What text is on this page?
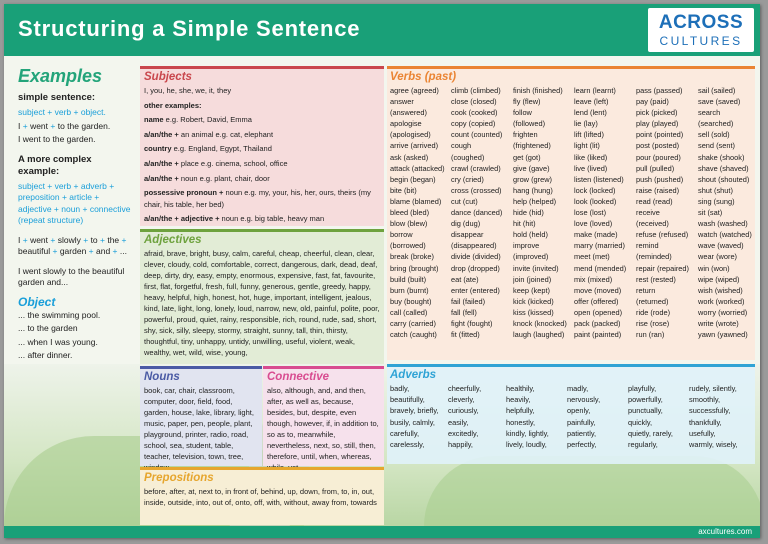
Structuring a Simple Sentence	ACROSS
CULTURES
Examples
simple sentence:
subject + verb + object.
I + went + to the garden.
I went to the garden.
A more complex example:
subject + verb + adverb + preposition + article + adjective + noun + connective (repeat structure)
I + went + slowly + to + the + beautiful + garden + and + ...
I went slowly to the beautiful garden and...
Object
... the swimming pool.
... to the garden
... when I was young.
... after dinner.
Subjects

I, you, he, she, we, it, they

other examples:

name e.g. Robert, David, Emma

a/an/the + an animal e.g. cat, elephant

country e.g. England, Egypt, Thailand

a/an/the + place e.g. cinema, school, office

a/an/the + noun e.g. plant, chair, door

possessive pronoun + noun e.g. my, your, his, her, ours, theirs (my chair, his table, her bed)

a/an/the + adjective + noun e.g. big table, heavy man

Adjectives
afraid, brave, bright, busy, calm, careful, cheap, cheerful, clean, clear, clever, cloudy, cold, comfortable, correct, dangerous, dark, dead, deaf, deep, dirty, dry, easy, empty, enormous, expensive, fast, fat, favourite, first, flat, forgetful, fresh, full, funny, generous, gentle, greedy, happy, heavy, helpful, high, honest, hot, huge, important, intelligent, jealous, kind, late, light, long, lonely, loud, narrow, new, old, painful, polite, poor, powerful, proud, quiet, rainy, responsible, rich, round, rude, sad, short, shy, sick, silly, sleepy, stormy, straight, sunny, tall, thin, thirsty, thoughtful, tiny, unhappy, untidy, unwilling, useful, violent, weak, wealthy, wet, wild, wise, young,
Nouns
book, car, chair, classroom, computer, door, field, food, garden, house, lake, library, light, music, paper, pen, people, plant, playground, printer, radio, road, school, sea, student, table, teacher, television, town, tree,
Connective
also, although, and, and then, after, as well as, because, besides, but, despite, even though, however, if, in addition to, so as to, meanwhile, nevertheless, next, so, still, then, therefore, until, when, whereas,
Prepositions
before, after, at, next to, in front of, behind, up, down, from, to, in, out, inside, outside, into, out of, onto, off, with, without, away from, towards
Verbs (past)
agree (agreed)
answer
(answered)
apologise
(apologised)
arrive (arrived)
ask (asked)
attack (attacked)
begin (began)
bite (bit)
blame (blamed)
bleed (bled)
blow (blew)
borrow
(borrowed)
break (broke)
bring (brought)
build (built)
burn (burnt)
buy (bought)
call (called)
carry (carried)
catch (caught)
climb (climbed)
close (closed)
cook (cooked)
copy (copied)
count (counted)
cough
(coughed)
crawl (crawled)
cry (cried)
cross (crossed)
cut (cut)
dance (danced)
dig (dug)
disappear
(disappeared)
divide (divided)
drop (dropped)
eat (ate)
enter (entered)
fail (failed)
fall (fell)
fight (fought)
fit (fitted)
finish (finished)
fly (flew)
follow
(followed)
frighten
(frightened)
get (got)
give (gave)
grow (grew)
hang (hung)
help (helped)
hide (hid)
hit (hit)
hold (held)
improve
(improved)
invite (invited)
join (joined)
keep (kept)
kick (kicked)
kiss (kissed)
knock (knocked)
laugh (laughed)
learn (learnt)
leave (left)
lend (lent)
lie (lay)
lift (lifted)
light (lit)
like (liked)
live (lived)
listen (listened)
lock (locked)
look (looked)
lose (lost)
love (loved)
make (made)
marry (married)
meet (met)
mend (mended)
mix (mixed)
move (moved)
offer (offered)
open (opened)
pack (packed)
paint (painted)
pass (passed)
pay (paid)
pick (picked)
play (played)
point (pointed)
post (posted)
pour (poured)
pull (pulled)
push (pushed)
raise (raised)
read (read)
receive
(received)
refuse (refused)
remind
(reminded)
repair (repaired)
rest (rested)
return
(returned)
ride (rode)
rise (rose)
run (ran)
sail (sailed)
save (saved)
search
(searched)
sell (sold)
send (sent)
shake (shook)
shave (shaved)
shout (shouted)
shut (shut)
sing (sung)
sit (sat)
wash (washed)
watch (watched)
wave (waved)
wear (wore)
win (won)
wipe (wiped)
wish (wished)
work (worked)
worry (worried)
write (wrote)
yawn (yawned)
Adverbs
badly,
beautifully,
bravely, briefly,
busily, calmly,
carefully,
carelessly,
cheerfully,
cleverly,
curiously,
easily,
excitedly,
happily,
healthily,
heavily,
helpfully,
honestly,
kindly, lightly,
lively, loudly,
madly,
nervously,
openly,
painfully,
patiently,
perfectly,
playfully,
powerfully,
punctually,
quickly,
quietly, rarely,
regularly,
rudely, silently,
smoothly,
successfully,
thankfully,
usefully,
warmly, wisely,
axcultures.com
